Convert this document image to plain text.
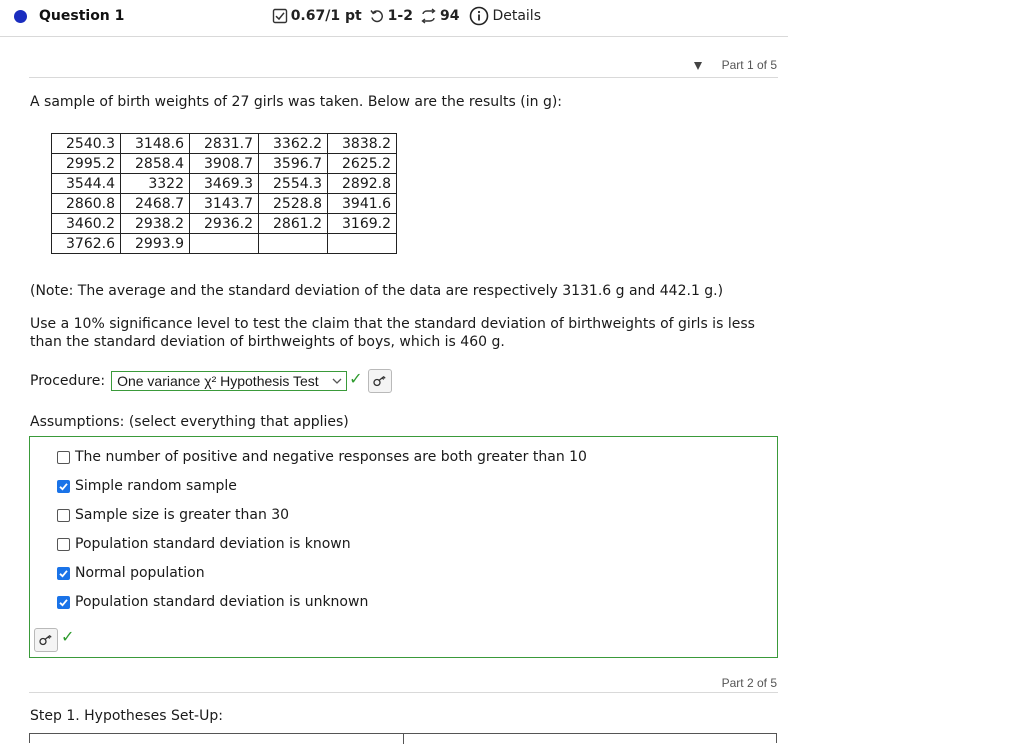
Question 1	0.67/1 pt 1-2 94 Details
Part 1 of 5
A sample of birth weights of 27 girls was taken. Below are the results (in g):
2540.3	3148.6	2831.7	3362.2	3838.2
2995.2	2858.4	3908.7	3596.7	2625.2
3544.4	3322	3469.3	2554.3	2892.8
2860.8	2468.7	3143.7	2528.8	3941.6
3460.2	2938.2	2936.2	2861.2	3169.2
3762.6	2993.9			
(Note: The average and the standard deviation of the data are respectively 3131.6 g and 442.1 g.)
Use a 10% significance level to test the claim that the standard deviation of birthweights of girls is less than the standard deviation of birthweights of boys, which is 460 g.
Procedure: One variance χ² Hypothesis Test	✓
Assumptions: (select everything that applies)
The number of positive and negative responses are both greater than 10
Simple random sample
Sample size is greater than 30
Population standard deviation is known
Normal population
Population standard deviation is unknown
✓
Part 2 of 5
Step 1. Hypotheses Set-Up:
